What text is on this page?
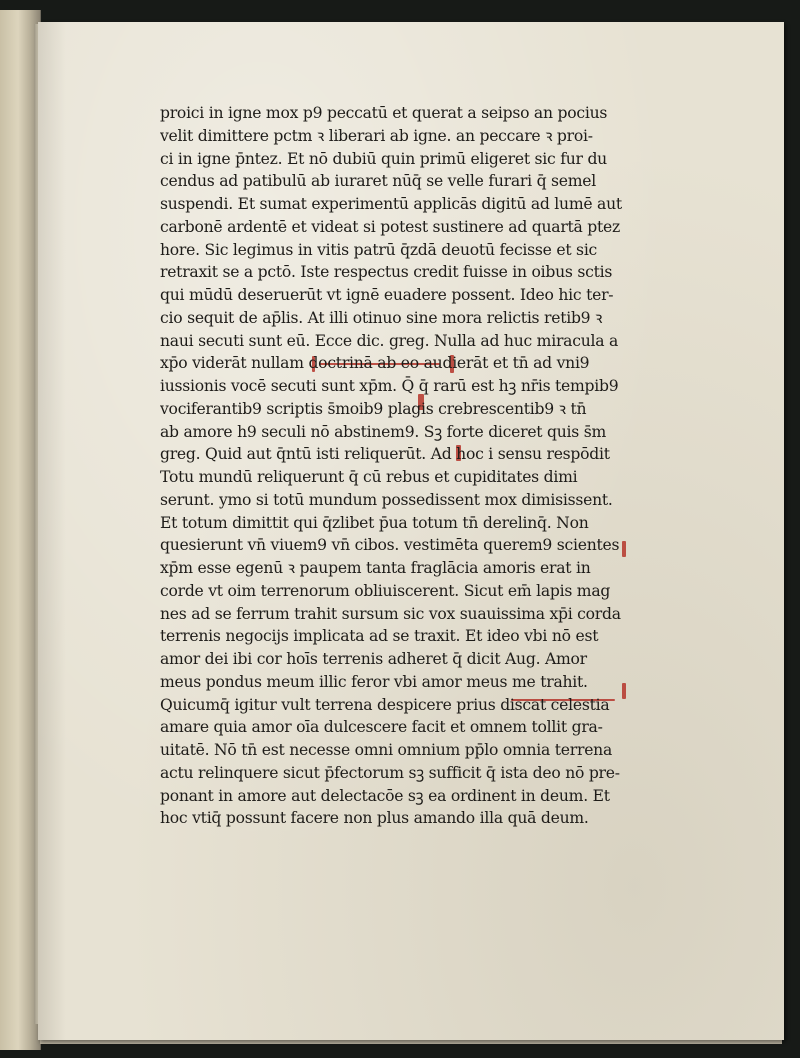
proici in igne mox p9 peccatū et querat a seipso an pocius
velit dimittere pctm ꝛ liberari ab igne. an peccare ꝛ proi-
ci in igne p̄ntez. Et nō dubiū quin primū eligeret sic fur du
cendus ad patibulū ab iuraret nūq̄ se velle furari q̄ semel
suspendi. Et sumat experimentū applicās digitū ad lumē aut
carbonē ardentē et videat si potest sustinere ad quartā ptez
hore. Sic legimus in vitis patrū q̄zdā deuotū fecisse et sic
retraxit se a pctō. Iste respectus credit fuisse in oibus sctis
qui mūdū deseruerūt vt ignē euadere possent. Ideo hic ter-
cio sequit de ap̄lis. At illi otinuo sine mora relictis retib9 ꝛ
naui secuti sunt eū. Ecce dic. greg. Nulla ad huc miracula a
xp̄o viderāt nullam doctrinā ab eo audierāt et tn̄ ad vni9
iussionis vocē secuti sunt xp̄m. Q̄ q̄ rarū est hꝫ nr̄is tempib9
vociferantib9 scriptis s̄moib9 plagis crebrescentib9 ꝛ tn̄
ab amore h9 seculi nō abstinem9. Sꝫ forte diceret quis s̄m
greg. Quid aut q̄ntū isti reliquerūt. Ad hoc i sensu respōdit
Totu mundū reliquerunt q̄ cū rebus et cupiditates dimi
serunt. ymo si totū mundum possedissent mox dimisissent.
Et totum dimittit qui q̄zlibet p̄ua totum tn̄ derelinq̄. Non
quesierunt vn̄ viuem9 vn̄ cibos. vestimēta querem9 scientes
xp̄m esse egenū ꝛ paupem tanta fraglācia amoris erat in
corde vt oim terrenorum obliuiscerent. Sicut em̄ lapis mag
nes ad se ferrum trahit sursum sic vox suauissima xp̄i corda
terrenis negocijs implicata ad se traxit. Et ideo vbi nō est
amor dei ibi cor hoīs terrenis adheret q̄ dicit Aug. Amor
meus pondus meum illic feror vbi amor meus me trahit.
Quicumq̄ igitur vult terrena despicere prius discat celestia
amare quia amor oīa dulcescere facit et omnem tollit gra-
uitatē. Nō tn̄ est necesse omni omnium pp̄lo omnia terrena
actu relinquere sicut p̄fectorum sꝫ sufficit q̄ ista deo nō pre-
ponant in amore aut delectacōe sꝫ ea ordinent in deum. Et
hoc vtiq̄ possunt facere non plus amando illa quā deum.
